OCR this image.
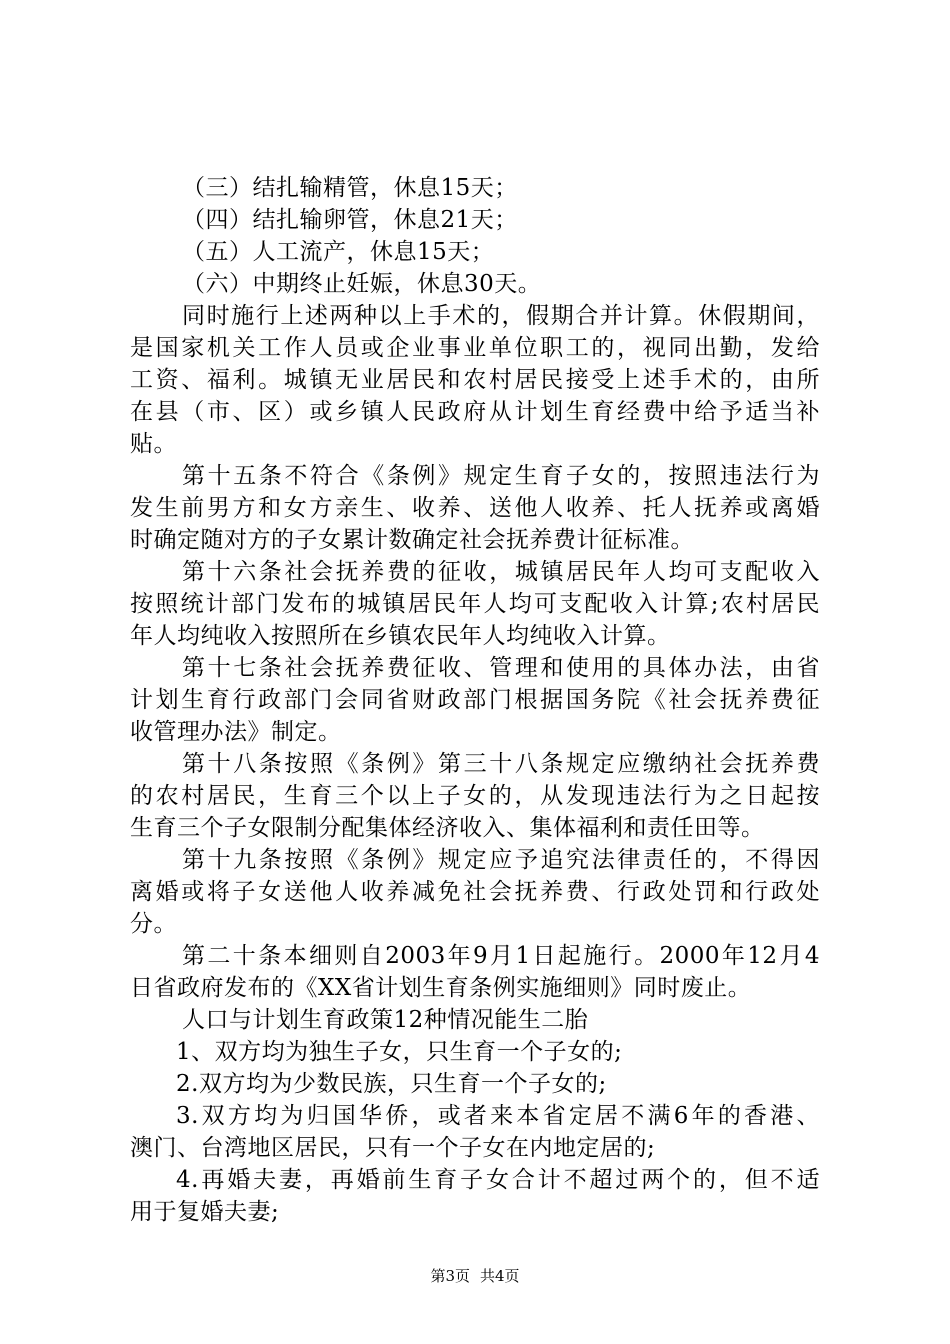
（三）结扎输精管，休息15天；
（四）结扎输卵管，休息21天；
（五）人工流产，休息15天；
（六）中期终止妊娠，休息30天。
同时施行上述两种以上手术的，假期合并计算。休假期间，
是国家机关工作人员或企业事业单位职工的，视同出勤，发给
工资、福利。城镇无业居民和农村居民接受上述手术的，由所
在县（市、区）或乡镇人民政府从计划生育经费中给予适当补
贴。
第十五条不符合《条例》规定生育子女的，按照违法行为
发生前男方和女方亲生、收养、送他人收养、托人抚养或离婚
时确定随对方的子女累计数确定社会抚养费计征标准。
第十六条社会抚养费的征收，城镇居民年人均可支配收入
按照统计部门发布的城镇居民年人均可支配收入计算;农村居民
年人均纯收入按照所在乡镇农民年人均纯收入计算。
第十七条社会抚养费征收、管理和使用的具体办法，由省
计划生育行政部门会同省财政部门根据国务院《社会抚养费征
收管理办法》制定。
第十八条按照《条例》第三十八条规定应缴纳社会抚养费
的农村居民，生育三个以上子女的，从发现违法行为之日起按
生育三个子女限制分配集体经济收入、集体福利和责任田等。
第十九条按照《条例》规定应予追究法律责任的，不得因
离婚或将子女送他人收养减免社会抚养费、行政处罚和行政处
分。
第二十条本细则自2003年9月1日起施行。2000年12月4
日省政府发布的《XX省计划生育条例实施细则》同时废止。
人口与计划生育政策12种情况能生二胎
1、双方均为独生子女，只生育一个子女的;
2.双方均为少数民族，只生育一个子女的;
3.双方均为归国华侨，或者来本省定居不满6年的香港、
澳门、台湾地区居民，只有一个子女在内地定居的;
4.再婚夫妻，再婚前生育子女合计不超过两个的，但不适
用于复婚夫妻;
第3页 共4页
